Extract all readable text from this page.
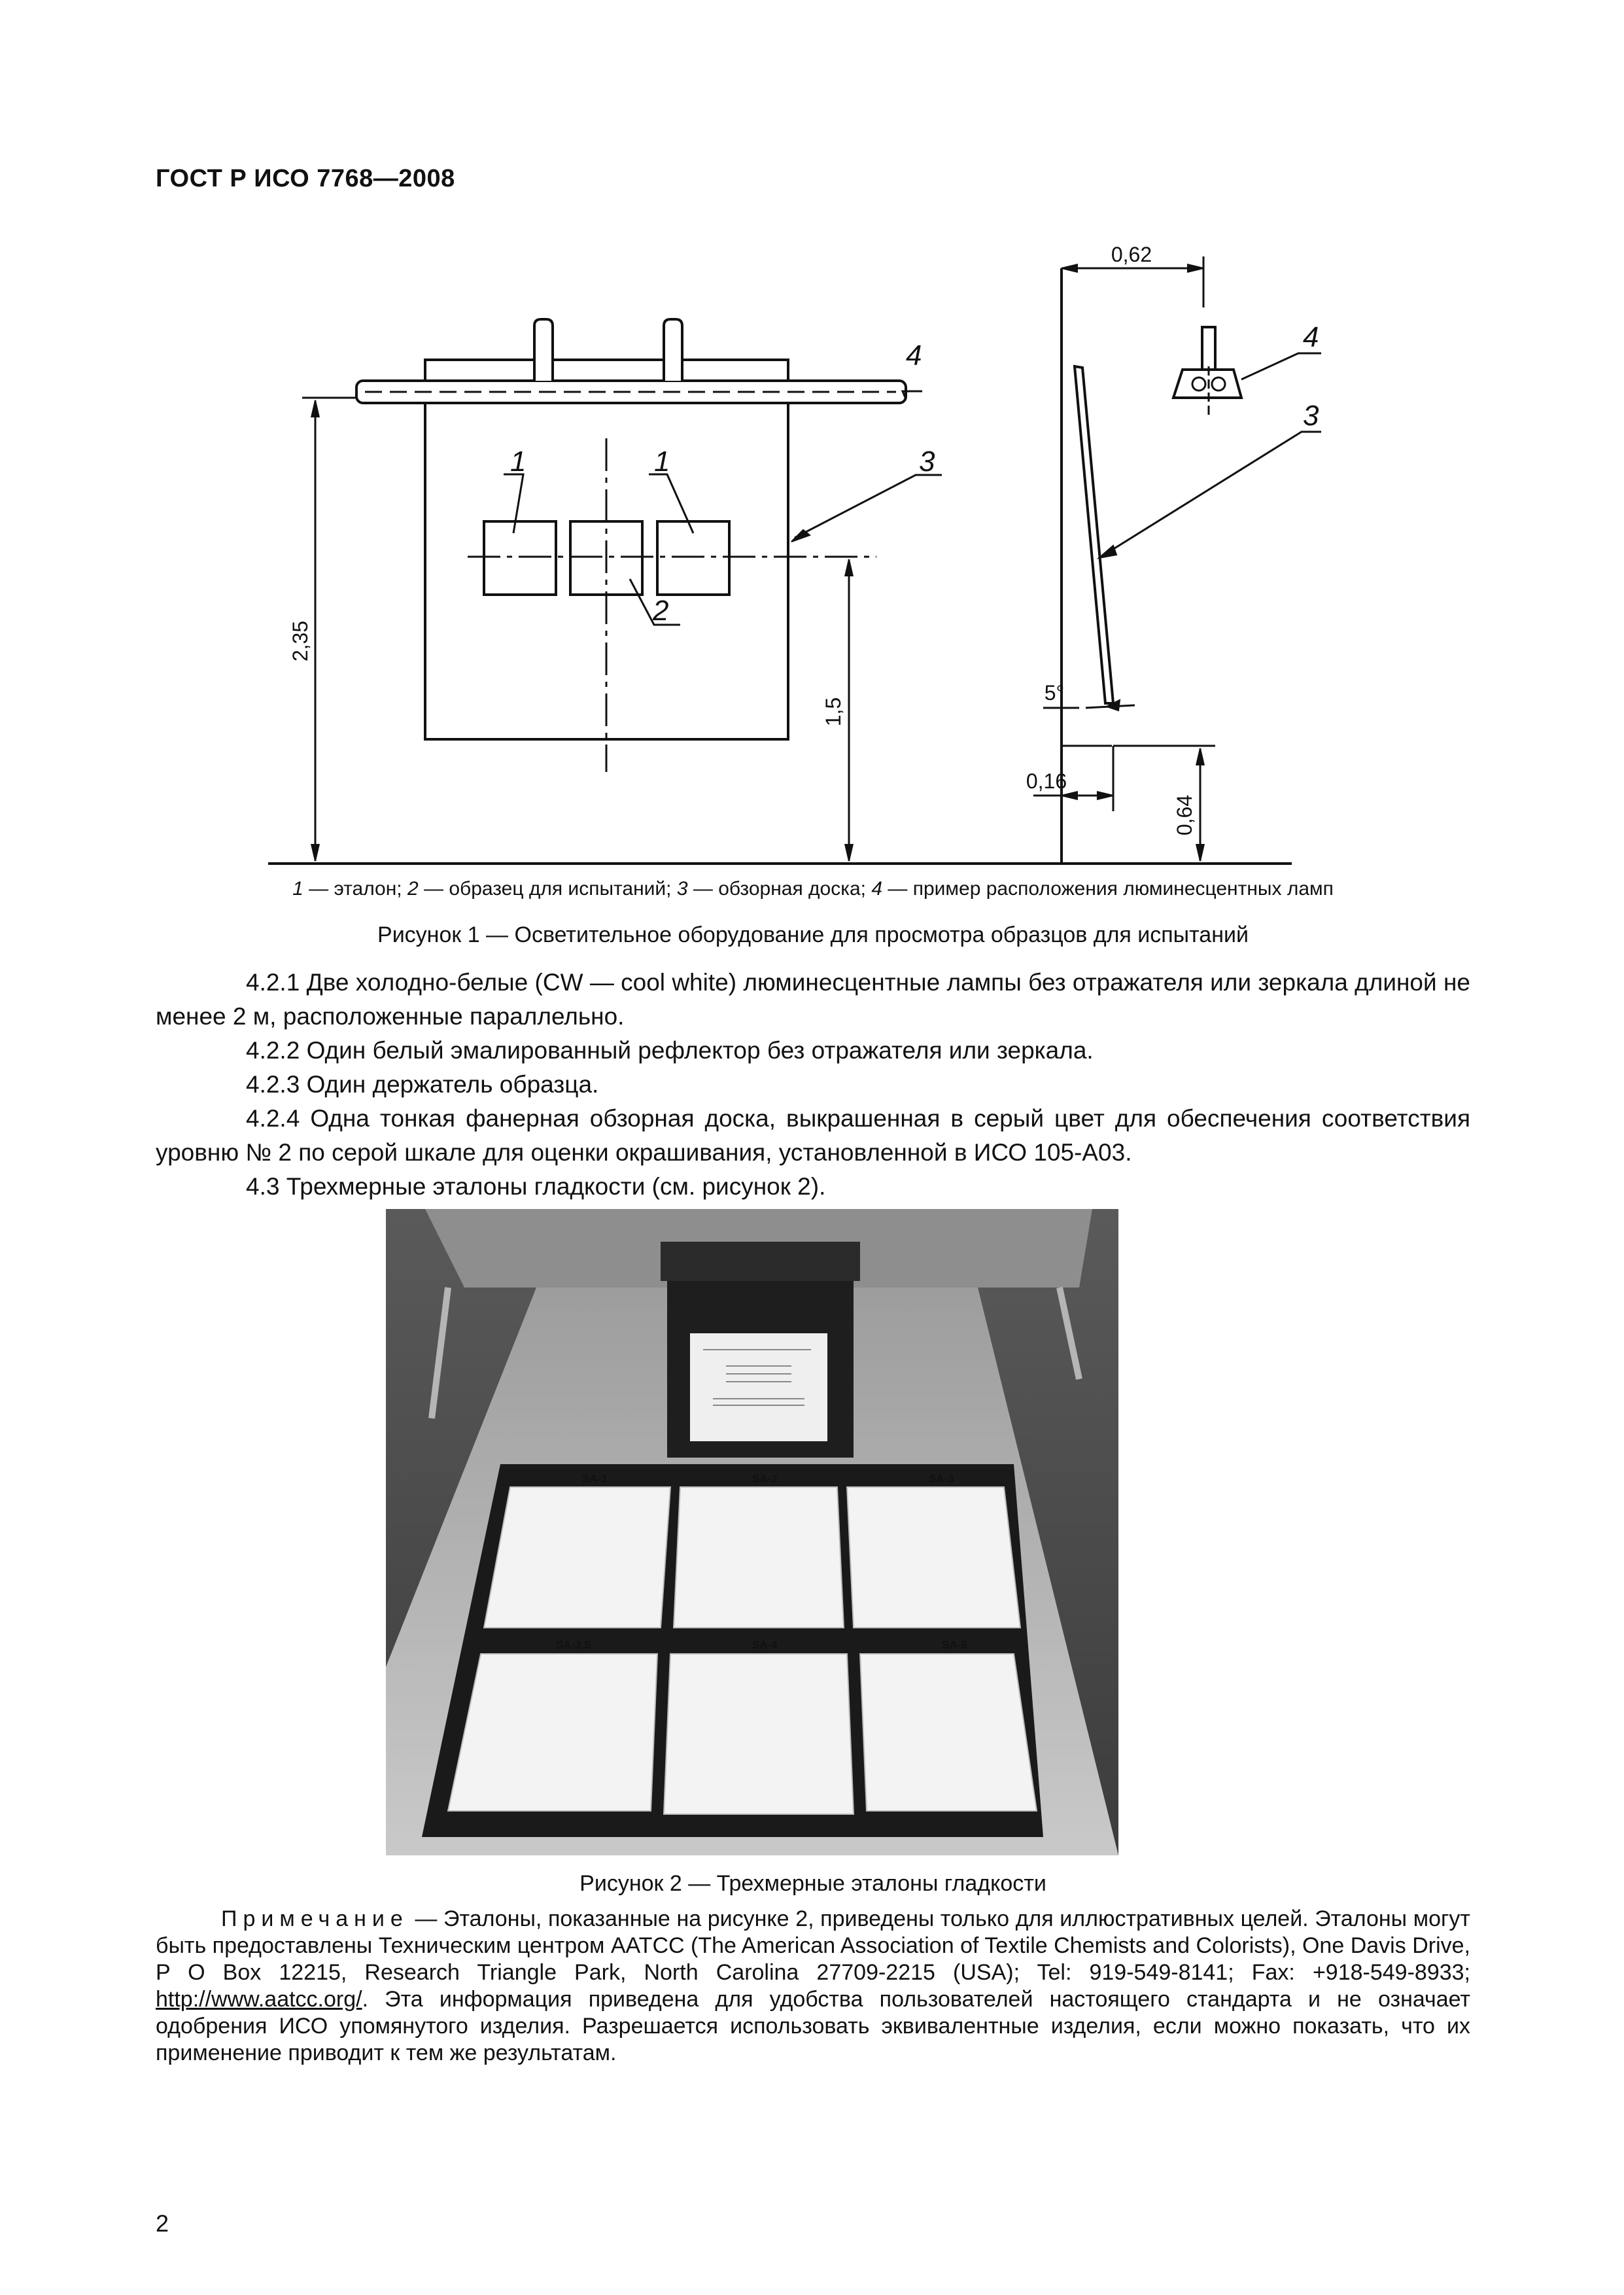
ГОСТ Р ИСО 7768—2008
2,35
1,5
0,62
5°
0,16
0,64
1	1
2
3
4
4
3
1 — эталон; 2 — образец для испытаний; 3 — обзорная доска; 4 — пример расположения люминесцентных ламп
Рисунок 1 — Осветительное оборудование для просмотра образцов для испытаний

4.2.1 Две холодно-белые (CW — cool white) люминесцентные лампы без отражателя или зеркала длиной не менее 2 м, расположенные параллельно.

4.2.2 Один белый эмалированный рефлектор без отражателя или зеркала.

4.2.3 Один держатель образца.

4.2.4 Одна тонкая фанерная обзорная доска, выкрашенная в серый цвет для обеспечения соответствия уровню № 2 по серой шкале для оценки окрашивания, установленной в ИСО 105-А03.

4.3 Трехмерные эталоны гладкости (см. рисунок 2).

SA-1	SA-2	SA-3
SA-3.5	SA-4	SA-5
Рисунок 2 — Трехмерные эталоны гладкости
Примечание — Эталоны, показанные на рисунке 2, приведены только для иллюстративных целей. Эталоны могут быть предоставлены Техническим центром AATCC (The American Association of Textile Chemists and Colorists), One Davis Drive, P O Box 12215, Research Triangle Park, North Carolina 27709-2215 (USA); Tel: 919-549-8141; Fax: +918-549-8933; http://www.aatcc.org/. Эта информация приведена для удобства пользователей настоящего стандарта и не означает одобрения ИСО упомянутого изделия. Разрешается использовать эквивалентные изделия, если можно показать, что их применение приводит к тем же результатам.
2
